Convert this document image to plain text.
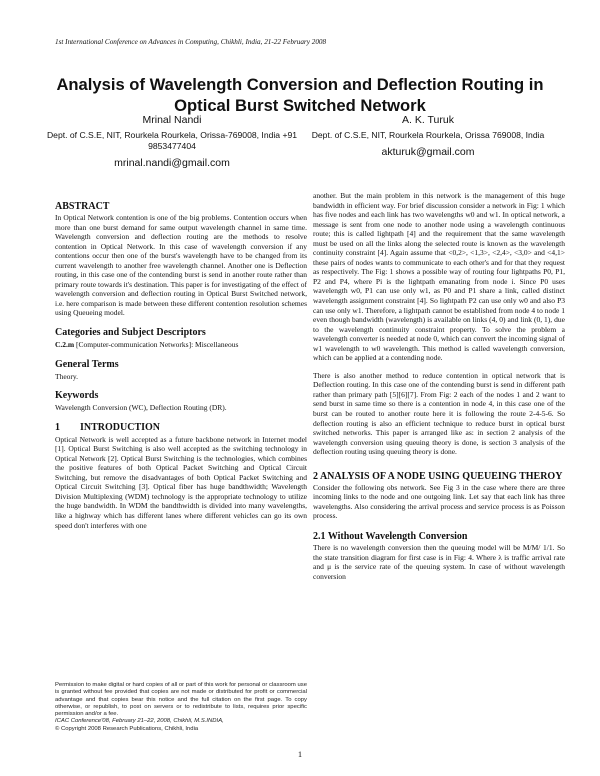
1st International Conference on Advances in Computing, Chikhli, India, 21-22 February 2008
Analysis of Wavelength Conversion and Deflection Routing in Optical Burst Switched Network
Mrinal Nandi
Dept. of C.S.E, NIT, Rourkela Rourkela, Orissa-769008, India +91 9853477404
mrinal.nandi@gmail.com
A. K. Turuk
Dept. of C.S.E, NIT, Rourkela Rourkela, Orissa 769008, India
akturuk@gmail.com
ABSTRACT

In Optical Network contention is one of the big problems. Contention occurs when more than one burst demand for same output wavelength channel in same time. Wavelength conversion and deflection routing are the methods to resolve contention in Optical Network. In this case of wavelength conversion if any contentions occur then one of the burst's wavelength have to be changed from its current wavelength to another free wavelength channel. Another one is Deflection routing, in this case one of the contending burst is send in another route rather than primary route towards it's destination. This paper is for investigating of the effect of wavelength conversion and deflection routing in Optical Burst Switched network, i.e. here comparison is made between these different contention resolution schemes using Queueing model.

Categories and Subject Descriptors

C.2.m [Computer-communication Networks]: Miscellaneous

General Terms

Theory.

Keywords

Wavelength Conversion (WC), Deflection Routing (DR).

1        INTRODUCTION

Optical Network is well accepted as a future backbone network in Internet model [1]. Optical Burst Switching is also well accepted as the switching technology in Optical Network [2]. Optical Burst Switching is the technologies, which combines the positive features of both Optical Packet Switching and Optical Circuit Switching, but remove the disadvantages of both Optical Packet Switching and Optical Circuit Switching [3]. Optical fiber has huge bandthwidth; Wavelength Division Multiplexing (WDM) technology is the appropriate technology to utilize the huge bandwidth. In WDM the bandthwidth is divided into many wavelengths, like a highway which has different lanes where different vehicles can go its own speed don't interferes with one

Permission to make digital or hard copies of all or part of this work for personal or classroom use is granted without fee provided that copies are not made or distributed for profit or commercial advantage and that copies bear this notice and the full citation on the first page. To copy otherwise, or republish, to post on servers or to redistribute to lists, requires prior specific permission and/or a fee.

ICAC Conference'08, February 21–22, 2008, Chikhli, M.S.INDIA,

© Copyright 2008 Research Publications, Chikhli, India

another. But the main problem in this network is the management of this huge bandwidth in efficient way. For brief discussion consider a network in Fig: 1 which has five nodes and each link has two wavelengths w0 and w1. In optical network, a message is sent from one node to another node using a wavelength continuous route; this is called lightpath [4] and the requirement that the same wavelength must be used on all the links along the selected route is known as the wavelength continuity constraint [4]. Again assume that <0,2>, <1,3>, <2,4>, <3,0> and <4,1> these pairs of nodes wants to communicate to each other's and for that they request as respectively. The Fig: 1 shows a possible way of routing four lightpaths P0, P1, P2 and P4, where Pi is the lightpath emanating from node i. Since P0 uses wavelength w0, P1 can use only w1, as P0 and P1 share a link, called distinct wavelength assignment constraint [4]. So lightpath P2 can use only w0 and also P3 can use only w1. Therefore, a lightpath cannot be established from node 4 to node 1 even though bandwidth (wavelength) is available on links (4, 0) and link (0, 1), due to the wavelength continuity constraint property. To solve the problem a wavelength converter is needed at node 0, which can convert the incoming signal of w1 wavelength to w0 wavelength. This method is called wavelength conversion, which can be applied at a contending node.

There is also another method to reduce contention in optical network that is Deflection routing. In this case one of the contending burst is send in different path rather than primary path [5][6][7]. From Fig: 2 each of the nodes 1 and 2 want to send burst in same time so there is a contention in node 4, in this case one of the burst can be routed to another route here it is following the route 2-4-5-6. So deflection routing is also an efficient technique to reduce burst in optical burst switched networks. This paper is arranged like as: in section 2 analysis of the wavelength conversion using queuing theory is done, is section 3 analysis of the deflection routing using queuing theory is done.

2 ANALYSIS OF A NODE USING QUEUEING THEROY

Consider the following obs network. See Fig 3 in the case where there are three incoming links to the node and one outgoing link. Let say that each link has three wavelengths. Also considering the arrival process and service process is as Poisson process.

2.1 Without Wavelength Conversion

There is no wavelength conversion then the queuing model will be M/M/ 1/1. So the state transition diagram for first case is in Fig: 4. Where λ is traffic arrival rate and μ is the service rate of the queuing system. In case of without wavelength conversion

1
